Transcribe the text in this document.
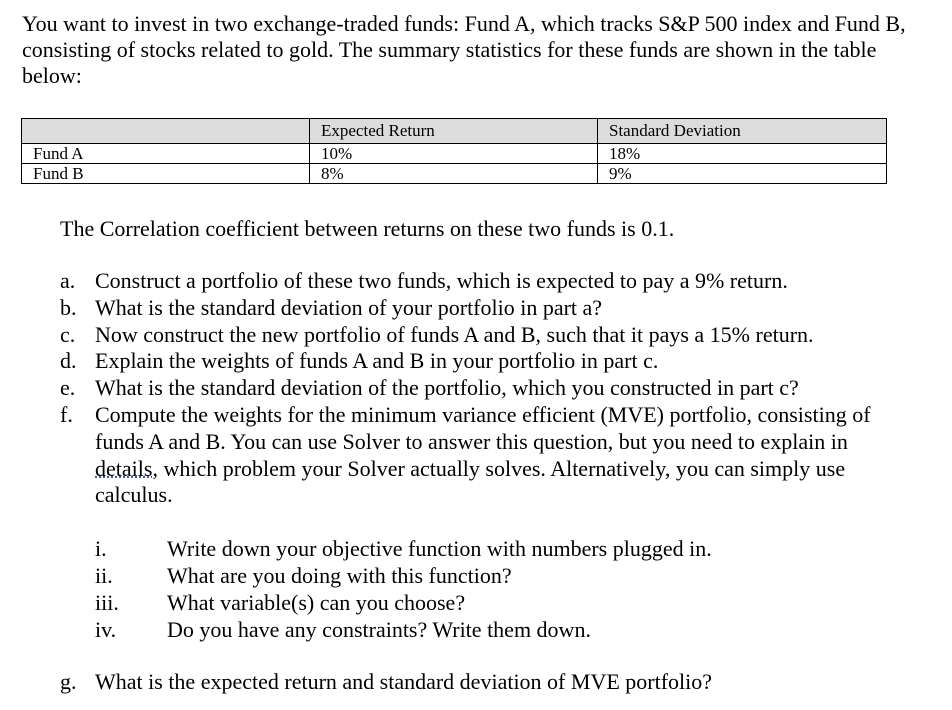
You want to invest in two exchange-traded funds: Fund A, which tracks S&P 500 index and Fund B, consisting of stocks related to gold. The summary statistics for these funds are shown in the table below:

	Expected Return	Standard Deviation
Fund A	10%	18%
Fund B	8%	9%

The Correlation coefficient between returns on these two funds is 0.1.

a. Construct a portfolio of these two funds, which is expected to pay a 9% return.
b. What is the standard deviation of your portfolio in part a?
c. Now construct the new portfolio of funds A and B, such that it pays a 15% return.
d. Explain the weights of funds A and B in your portfolio in part c.
e. What is the standard deviation of the portfolio, which you constructed in part c?
f. Compute the weights for the minimum variance efficient (MVE) portfolio, consisting of funds A and B. You can use Solver to answer this question, but you need to explain in details, which problem your Solver actually solves. Alternatively, you can simply use calculus.
i.	Write down your objective function with numbers plugged in.
ii. What are you doing with this function?
iii. What variable(s) can you choose?
iv. Do you have any constraints? Write them down.

g. What is the expected return and standard deviation of MVE portfolio?
